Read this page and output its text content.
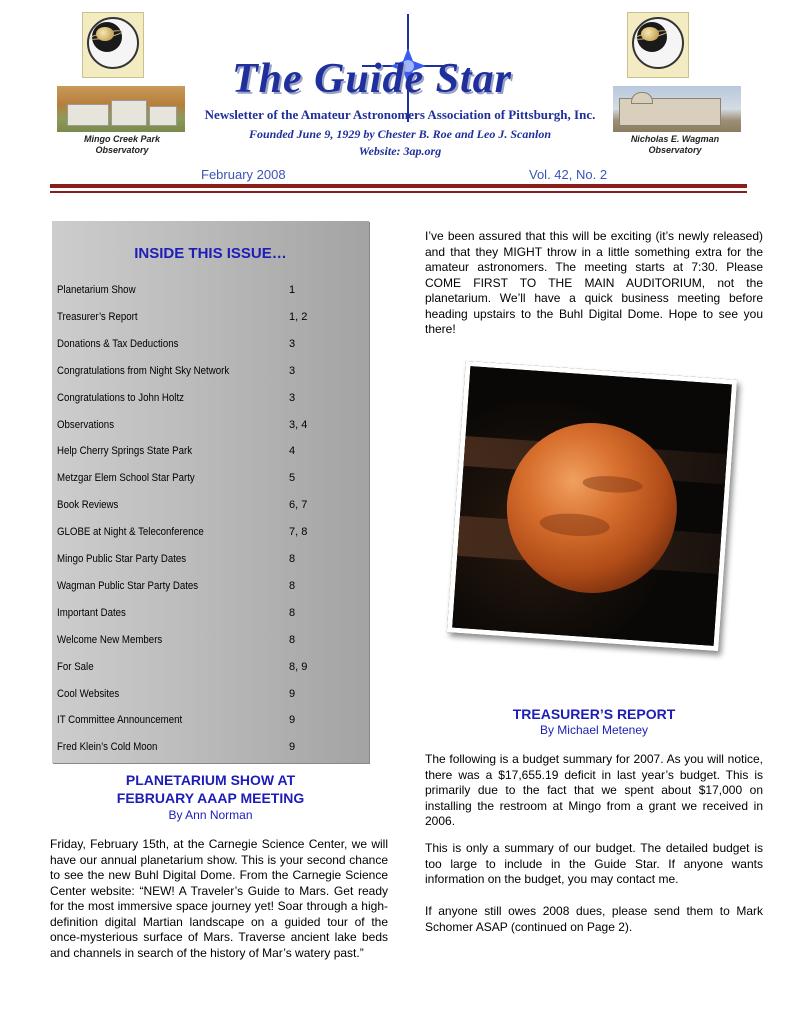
Mingo Creek Park
Observatory
Nicholas E. Wagman
Observatory
The Guide Star
Newsletter of the Amateur Astronomers Association of Pittsburgh, Inc.
Founded June 9, 1929 by Chester B. Roe and Leo J. Scanlon
Website: 3ap.org
February 2008	Vol. 42, No. 2
INSIDE THIS ISSUE…
Planetarium Show	1
Treasurer’s Report	1, 2
Donations & Tax Deductions	3
Congratulations from Night Sky Network	3
Congratulations to John Holtz	3
Observations	3, 4
Help Cherry Springs State Park	4
Metzgar Elem School Star Party	5
Book Reviews	6, 7
GLOBE at Night & Teleconference	7, 8
Mingo Public Star Party Dates	8
Wagman Public Star Party Dates	8
Important Dates	8
Welcome New Members	8
For Sale	8, 9
Cool Websites	9
IT Committee Announcement	9
Fred Klein’s Cold Moon	9
PLANETARIUM SHOW AT
FEBRUARY AAAP MEETING
By Ann Norman
Friday, February 15th, at the Carnegie Science Center, we will have our annual planetarium show. This is your second chance to see the new Buhl Digital Dome. From the Carnegie Science Center website: “NEW! A Traveler’s Guide to Mars. Get ready for the most immersive space journey yet! Soar through a high-definition digital Martian landscape on a guided tour of the once-mysterious surface of Mars. Traverse ancient lake beds and channels in search of the history of Mar’s watery past.”
I’ve been assured that this will be exciting (it’s newly released) and that they MIGHT throw in a little something extra for the amateur astronomers. The meeting starts at 7:30. Please COME FIRST TO THE MAIN AUDITORIUM, not the planetarium. We’ll have a quick business meeting before heading upstairs to the Buhl Digital Dome. Hope to see you there!
TREASURER’S REPORT
By Michael Meteney
The following is a budget summary for 2007. As you will notice, there was a $17,655.19 deficit in last year’s budget. This is primarily due to the fact that we spent about $17,000 on installing the restroom at Mingo from a grant we received in 2006.
This is only a summary of our budget. The detailed budget is too large to include in the Guide Star. If anyone wants information on the budget, you may contact me.
If anyone still owes 2008 dues, please send them to Mark Schomer ASAP (continued on Page 2).
